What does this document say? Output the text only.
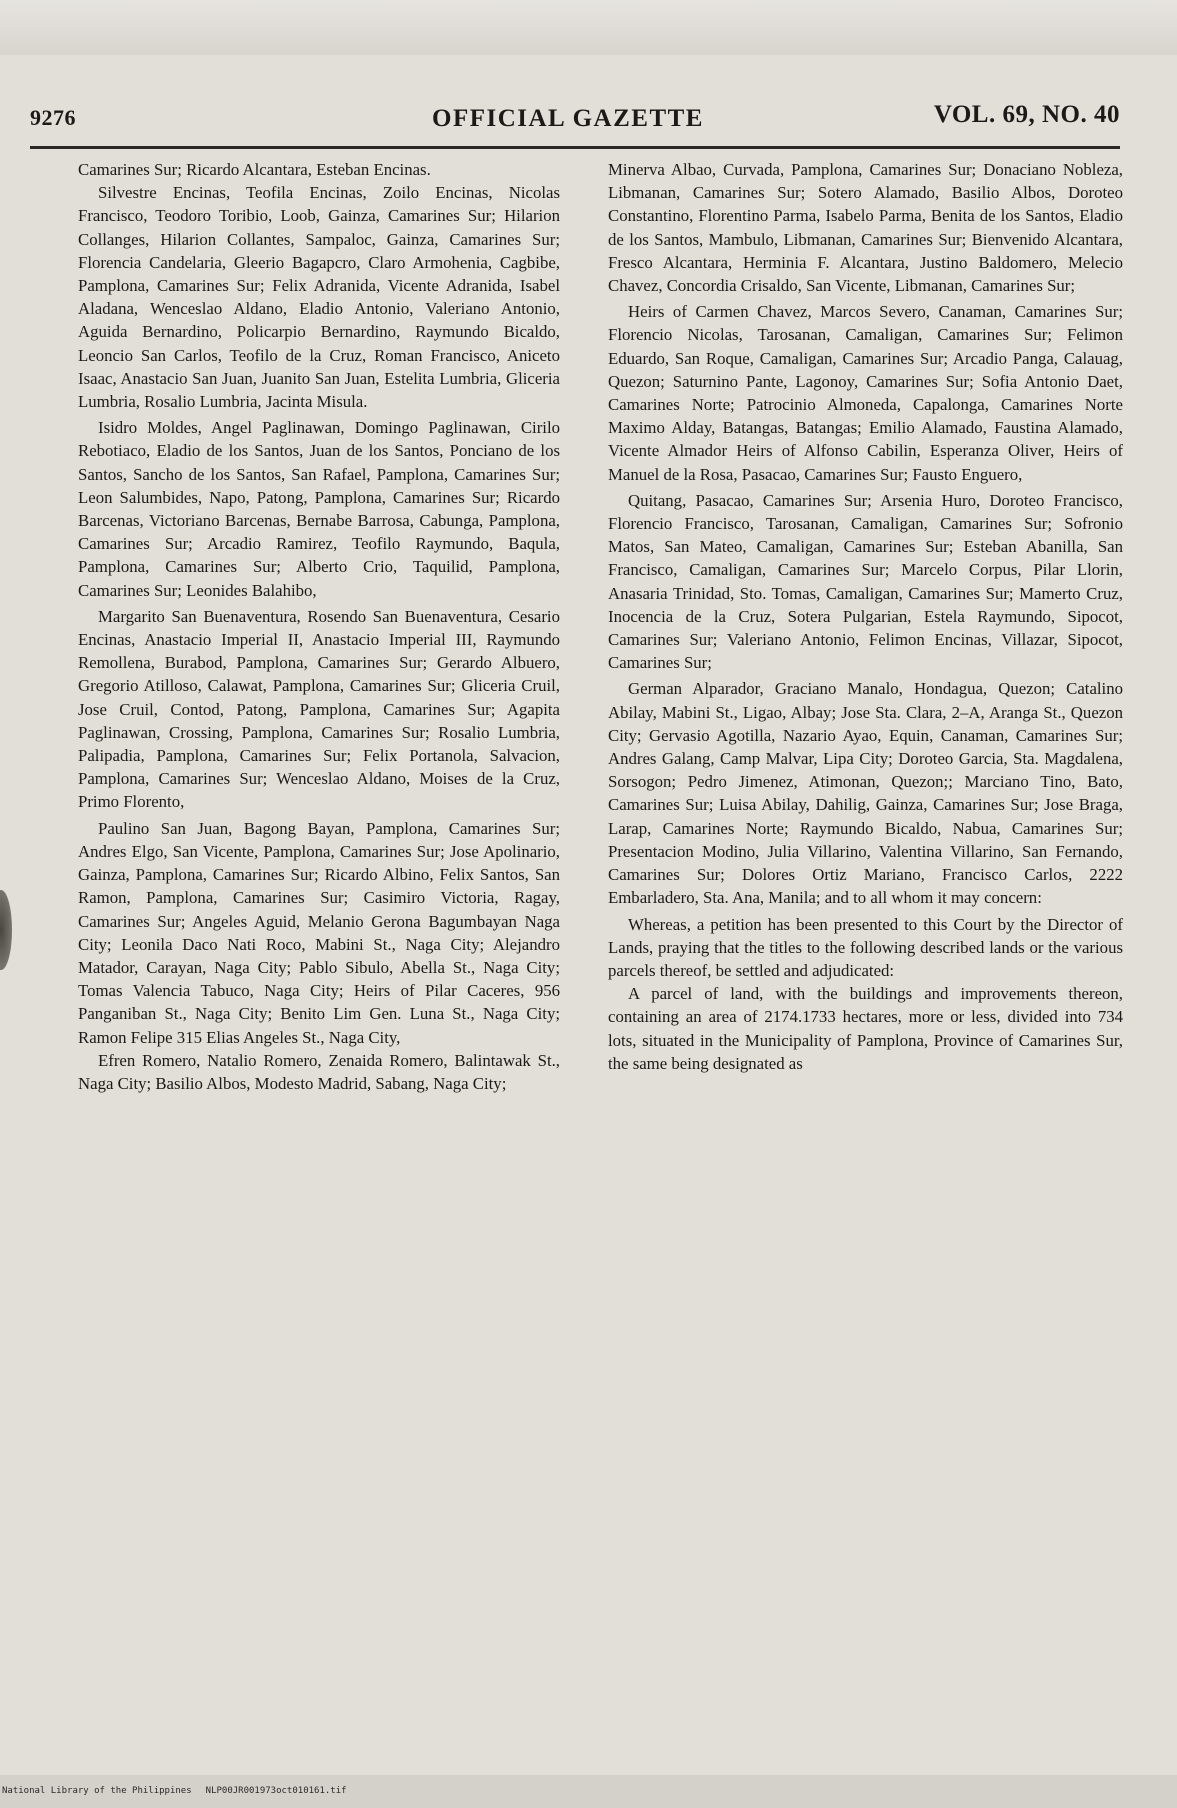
9276	OFFICIAL GAZETTE	VOL. 69, NO. 40

Camarines Sur; Ricardo Alcantara, Esteban Encinas.

Silvestre Encinas, Teofila Encinas, Zoilo Encinas, Nicolas Francisco, Teodoro Toribio, Loob, Gainza, Camarines Sur; Hilarion Collanges, Hilarion Collantes, Sampaloc, Gainza, Camarines Sur; Florencia Candelaria, Gleerio Bagapcro, Claro Armohenia, Cagbibe, Pamplona, Camarines Sur; Felix Adranida, Vicente Adranida, Isabel Aladana, Wenceslao Aldano, Eladio Antonio, Valeriano Antonio, Aguida Bernardino, Policarpio Bernardino, Raymundo Bicaldo, Leoncio San Carlos, Teofilo de la Cruz, Roman Francisco, Aniceto Isaac, Anastacio San Juan, Juanito San Juan, Estelita Lumbria, Gliceria Lumbria, Rosalio Lumbria, Jacinta Misula.

Isidro Moldes, Angel Paglinawan, Domingo Paglinawan, Cirilo Rebotiaco, Eladio de los Santos, Juan de los Santos, Ponciano de los Santos, Sancho de los Santos, San Rafael, Pamplona, Camarines Sur; Leon Salumbides, Napo, Patong, Pamplona, Camarines Sur; Ricardo Barcenas, Victoriano Barcenas, Bernabe Barrosa, Cabunga, Pamplona, Camarines Sur; Arcadio Ramirez, Teofilo Raymundo, Baqula, Pamplona, Camarines Sur; Alberto Crio, Taquilid, Pamplona, Camarines Sur; Leonides Balahibo,

Margarito San Buenaventura, Rosendo San Buenaventura, Cesario Encinas, Anastacio Imperial II, Anastacio Imperial III, Raymundo Remollena, Burabod, Pamplona, Camarines Sur; Gerardo Albuero, Gregorio Atilloso, Calawat, Pamplona, Camarines Sur; Gliceria Cruil, Jose Cruil, Contod, Patong, Pamplona, Camarines Sur; Agapita Paglinawan, Crossing, Pamplona, Camarines Sur; Rosalio Lumbria, Palipadia, Pamplona, Camarines Sur; Felix Portanola, Salvacion, Pamplona, Camarines Sur; Wenceslao Aldano, Moises de la Cruz, Primo Florento,

Paulino San Juan, Bagong Bayan, Pamplona, Camarines Sur; Andres Elgo, San Vicente, Pamplona, Camarines Sur; Jose Apolinario, Gainza, Pamplona, Camarines Sur; Ricardo Albino, Felix Santos, San Ramon, Pamplona, Camarines Sur; Casimiro Victoria, Ragay, Camarines Sur; Angeles Aguid, Melanio Gerona Bagumbayan Naga City; Leonila Daco Nati Roco, Mabini St., Naga City; Alejandro Matador, Carayan, Naga City; Pablo Sibulo, Abella St., Naga City; Tomas Valencia Tabuco, Naga City; Heirs of Pilar Caceres, 956 Panganiban St., Naga City; Benito Lim Gen. Luna St., Naga City; Ramon Felipe 315 Elias Angeles St., Naga City,

Efren Romero, Natalio Romero, Zenaida Romero, Balintawak St., Naga City; Basilio Albos, Modesto Madrid, Sabang, Naga City;

Minerva Albao, Curvada, Pamplona, Camarines Sur; Donaciano Nobleza, Libmanan, Camarines Sur; Sotero Alamado, Basilio Albos, Doroteo Constantino, Florentino Parma, Isabelo Parma, Benita de los Santos, Eladio de los Santos, Mambulo, Libmanan, Camarines Sur; Bienvenido Alcantara, Fresco Alcantara, Herminia F. Alcantara, Justino Baldomero, Melecio Chavez, Concordia Crisaldo, San Vicente, Libmanan, Camarines Sur;

Heirs of Carmen Chavez, Marcos Severo, Canaman, Camarines Sur; Florencio Nicolas, Tarosanan, Camaligan, Camarines Sur; Felimon Eduardo, San Roque, Camaligan, Camarines Sur; Arcadio Panga, Calauag, Quezon; Saturnino Pante, Lagonoy, Camarines Sur; Sofia Antonio Daet, Camarines Norte; Patrocinio Almoneda, Capalonga, Camarines Norte Maximo Alday, Batangas, Batangas; Emilio Alamado, Faustina Alamado, Vicente Almador Heirs of Alfonso Cabilin, Esperanza Oliver, Heirs of Manuel de la Rosa, Pasacao, Camarines Sur; Fausto Enguero,

Quitang, Pasacao, Camarines Sur; Arsenia Huro, Doroteo Francisco, Florencio Francisco, Tarosanan, Camaligan, Camarines Sur; Sofronio Matos, San Mateo, Camaligan, Camarines Sur; Esteban Abanilla, San Francisco, Camaligan, Camarines Sur; Marcelo Corpus, Pilar Llorin, Anasaria Trinidad, Sto. Tomas, Camaligan, Camarines Sur; Mamerto Cruz, Inocencia de la Cruz, Sotera Pulgarian, Estela Raymundo, Sipocot, Camarines Sur; Valeriano Antonio, Felimon Encinas, Villazar, Sipocot, Camarines Sur;

German Alparador, Graciano Manalo, Hondagua, Quezon; Catalino Abilay, Mabini St., Ligao, Albay; Jose Sta. Clara, 2–A, Aranga St., Quezon City; Gervasio Agotilla, Nazario Ayao, Equin, Canaman, Camarines Sur; Andres Galang, Camp Malvar, Lipa City; Doroteo Garcia, Sta. Magdalena, Sorsogon; Pedro Jimenez, Atimonan, Quezon;; Marciano Tino, Bato, Camarines Sur; Luisa Abilay, Dahilig, Gainza, Camarines Sur; Jose Braga, Larap, Camarines Norte; Raymundo Bicaldo, Nabua, Camarines Sur; Presentacion Modino, Julia Villarino, Valentina Villarino, San Fernando, Camarines Sur; Dolores Ortiz Mariano, Francisco Carlos, 2222 Embarladero, Sta. Ana, Manila; and to all whom it may concern:

Whereas, a petition has been presented to this Court by the Director of Lands, praying that the titles to the following described lands or the various parcels thereof, be settled and adjudicated:

A parcel of land, with the buildings and improvements thereon, containing an area of 2174.1733 hectares, more or less, divided into 734 lots, situated in the Municipality of Pamplona, Province of Camarines Sur, the same being designated as

National Library of the Philippines NLP00JR001973oct010161.tif
